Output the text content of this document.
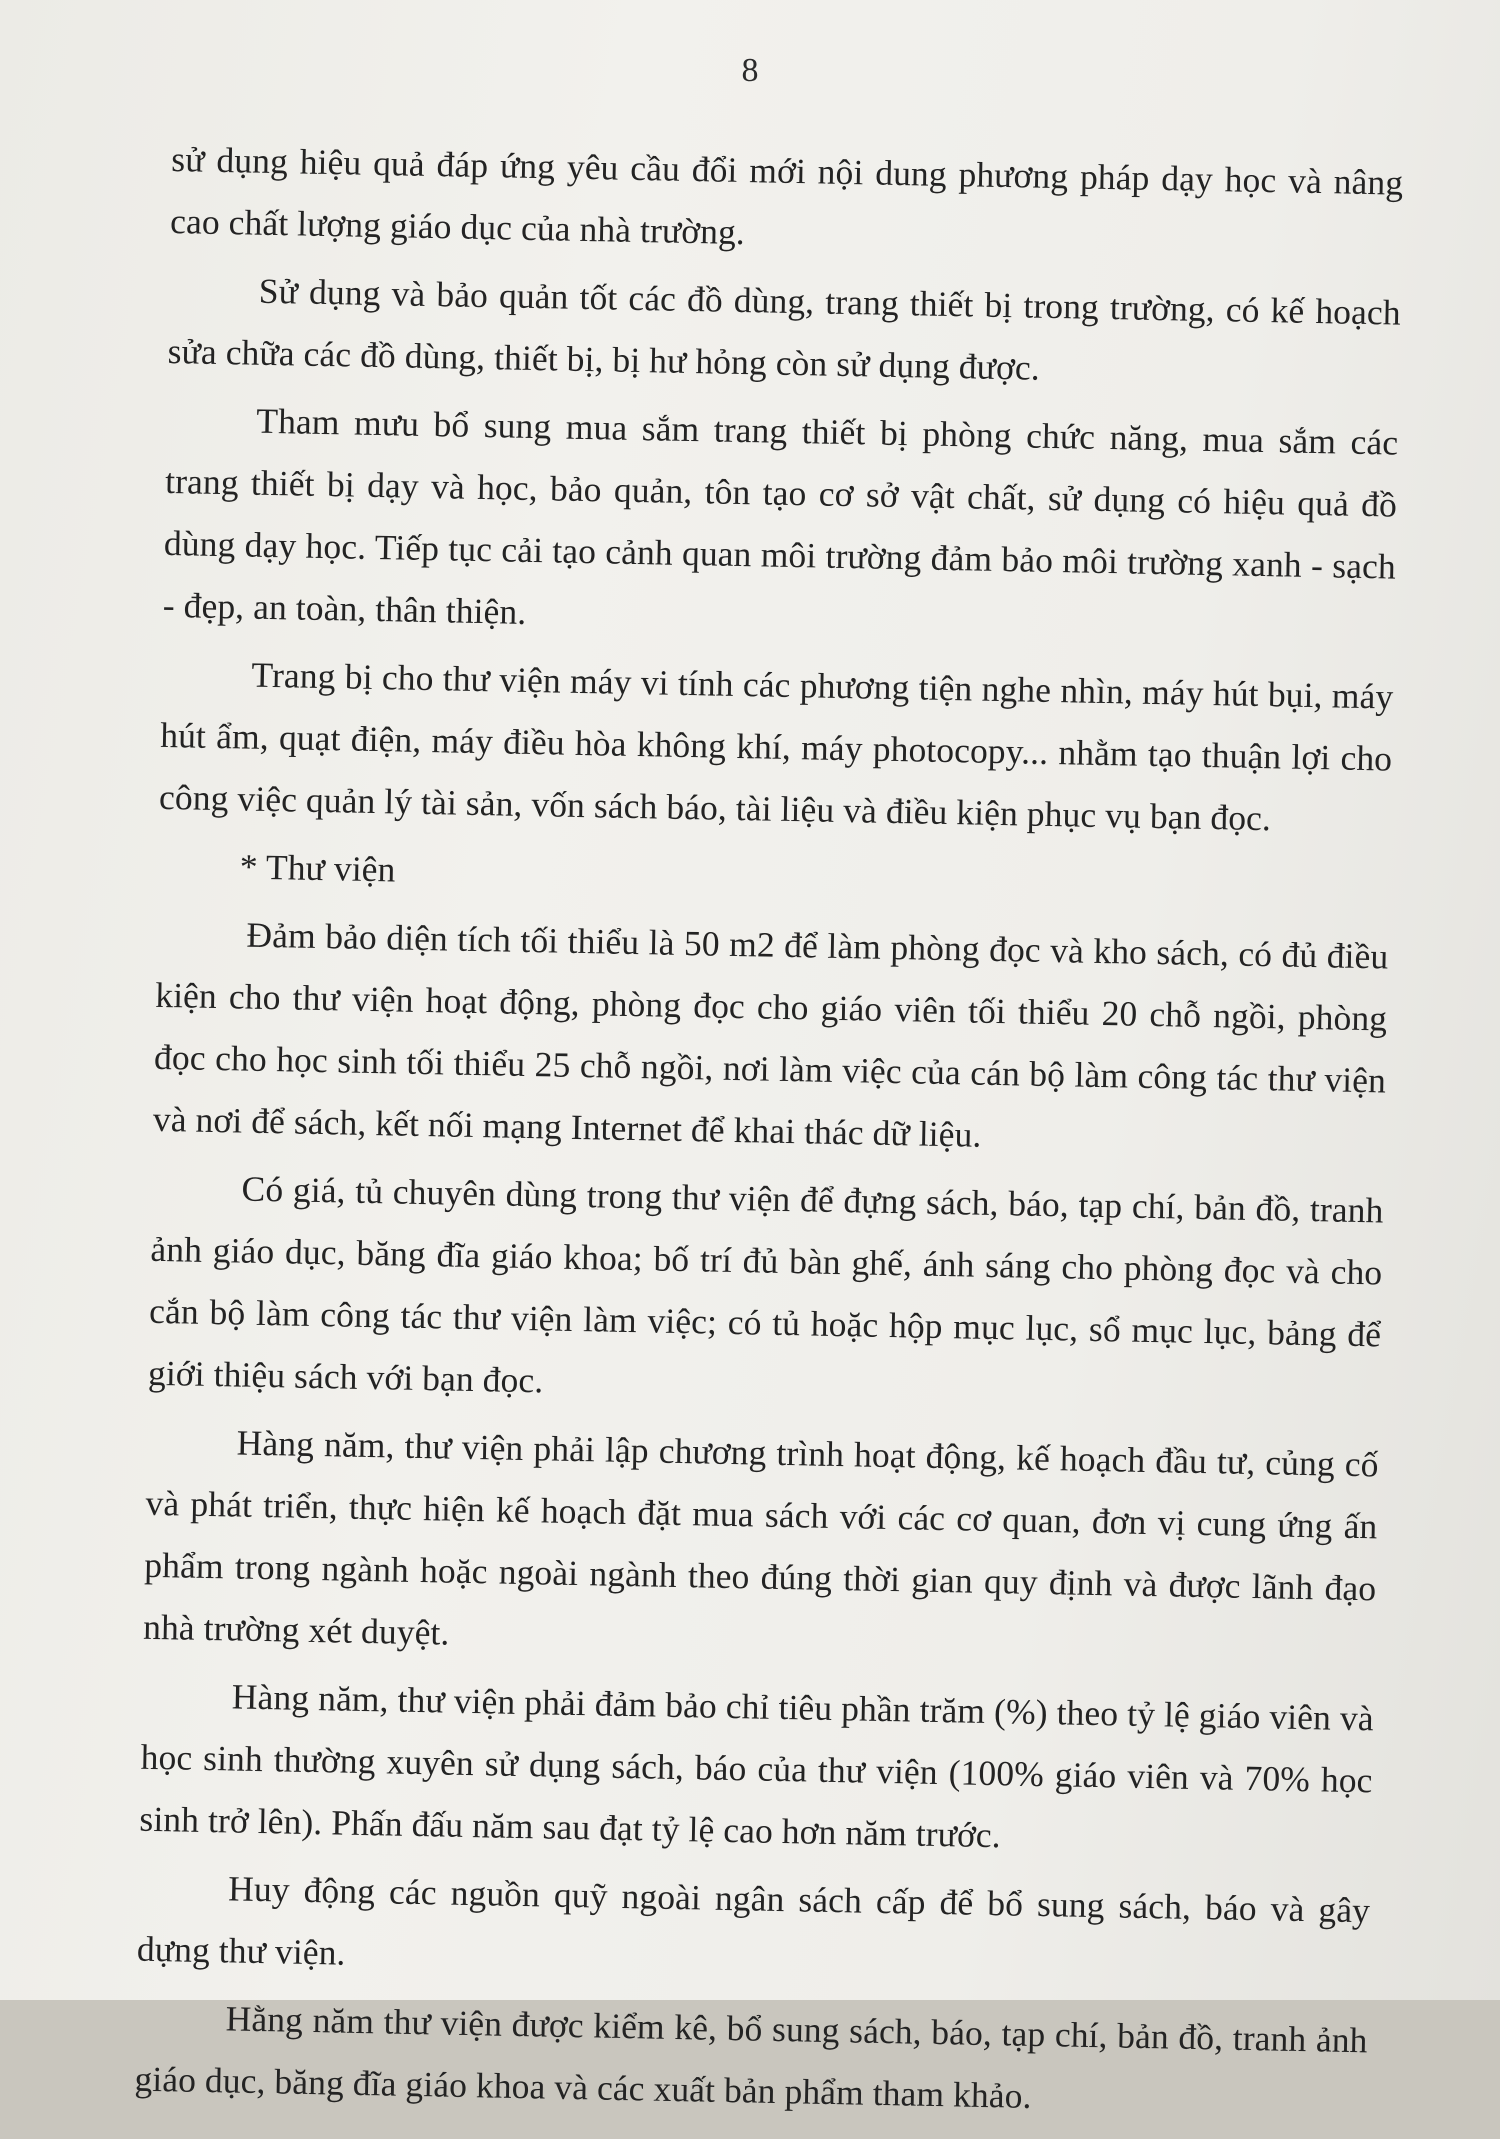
8

sử dụng hiệu quả đáp ứng yêu cầu đổi mới nội dung phương pháp dạy học và nâng cao chất lượng giáo dục của nhà trường.

Sử dụng và bảo quản tốt các đồ dùng, trang thiết bị trong trường, có kế hoạch sửa chữa các đồ dùng, thiết bị, bị hư hỏng còn sử dụng được.

Tham mưu bổ sung mua sắm trang thiết bị phòng chức năng, mua sắm các trang thiết bị dạy và học, bảo quản, tôn tạo cơ sở vật chất, sử dụng có hiệu quả đồ dùng dạy học. Tiếp tục cải tạo cảnh quan môi trường đảm bảo môi trường xanh - sạch - đẹp, an toàn, thân thiện.

Trang bị cho thư viện máy vi tính các phương tiện nghe nhìn, máy hút bụi, máy hút ẩm, quạt điện, máy điều hòa không khí, máy photocopy... nhằm tạo thuận lợi cho công việc quản lý tài sản, vốn sách báo, tài liệu và điều kiện phục vụ bạn đọc.

* Thư viện

Đảm bảo diện tích tối thiểu là 50 m2 để làm phòng đọc và kho sách, có đủ điều kiện cho thư viện hoạt động, phòng đọc cho giáo viên tối thiểu 20 chỗ ngồi, phòng đọc cho học sinh tối thiểu 25 chỗ ngồi, nơi làm việc của cán bộ làm công tác thư viện và nơi để sách, kết nối mạng Internet để khai thác dữ liệu.

Có giá, tủ chuyên dùng trong thư viện để đựng sách, báo, tạp chí, bản đồ, tranh ảnh giáo dục, băng đĩa giáo khoa; bố trí đủ bàn ghế, ánh sáng cho phòng đọc và cho cắn bộ làm công tác thư viện làm việc; có tủ hoặc hộp mục lục, sổ mục lục, bảng để giới thiệu sách với bạn đọc.

Hàng năm, thư viện phải lập chương trình hoạt động, kế hoạch đầu tư, củng cố và phát triển, thực hiện kế hoạch đặt mua sách với các cơ quan, đơn vị cung ứng ấn phẩm trong ngành hoặc ngoài ngành theo đúng thời gian quy định và được lãnh đạo nhà trường xét duyệt.

Hàng năm, thư viện phải đảm bảo chỉ tiêu phần trăm (%) theo tỷ lệ giáo viên và học sinh thường xuyên sử dụng sách, báo của thư viện (100% giáo viên và 70% học sinh trở lên). Phấn đấu năm sau đạt tỷ lệ cao hơn năm trước.

Huy động các nguồn quỹ ngoài ngân sách cấp để bổ sung sách, báo và gây dựng thư viện.

Hằng năm thư viện được kiểm kê, bổ sung sách, báo, tạp chí, bản đồ, tranh ảnh giáo dục, băng đĩa giáo khoa và các xuất bản phẩm tham khảo.
